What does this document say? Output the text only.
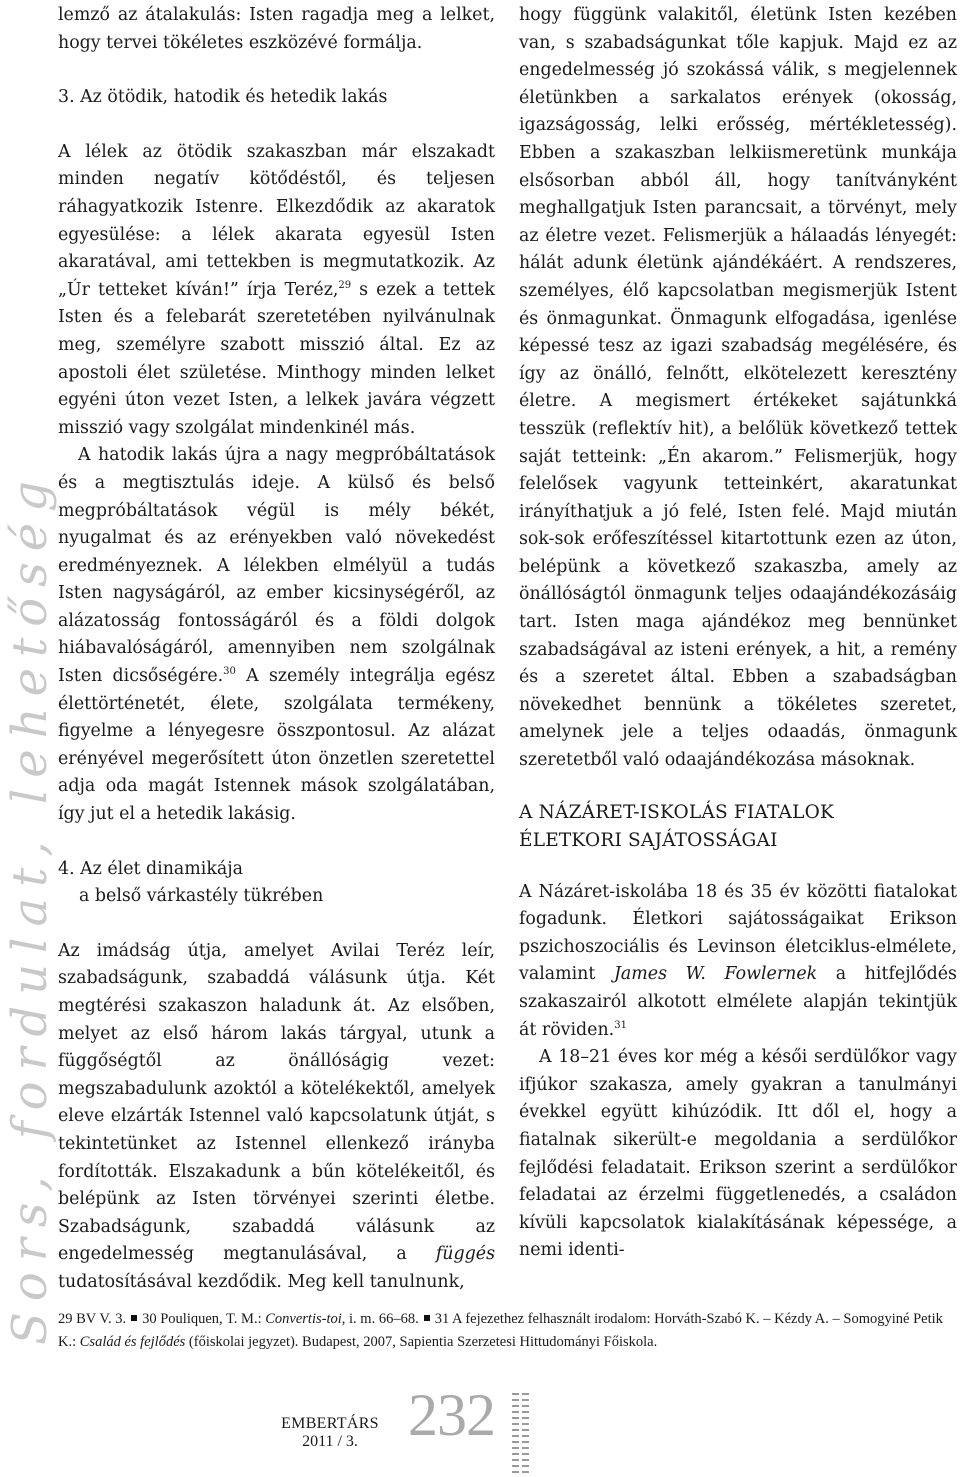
Sors, fordulat, lehetőség

lemző az átalakulás: Isten ragadja meg a lelket, hogy tervei tökéletes eszközévé formálja.

3. Az ötödik, hatodik és hetedik lakás

A lélek az ötödik szakaszban már elszakadt minden negatív kötődéstől, és teljesen ráhagyatkozik Istenre. Elkezdődik az akaratok egyesülése: a lélek akarata egyesül Isten akaratával, ami tettekben is megmutatkozik. Az „Úr tetteket kíván!” írja Teréz,$^{29}$ s ezek a tettek Isten és a felebarát szeretetében nyilvánulnak meg, személyre szabott misszió által. Ez az apostoli élet születése. Minthogy minden lelket egyéni úton vezet Isten, a lelkek javára végzett misszió vagy szolgálat mindenkinél más.

A hatodik lakás újra a nagy megpróbáltatások és a megtisztulás ideje. A külső és belső megpróbáltatások végül is mély békét, nyugalmat és az erényekben való növekedést eredményeznek. A lélekben elmélyül a tudás Isten nagyságáról, az ember kicsinységéről, az alázatosság fontosságáról és a földi dolgok hiábavalóságáról, amennyiben nem szolgálnak Isten dicsőségére.$^{30}$ A személy integrálja egész élettörténetét, élete, szolgálata termékeny, figyelme a lényegesre összpontosul. Az alázat erényével megerősített úton önzetlen szeretettel adja oda magát Istennek mások szolgálatában, így jut el a hetedik lakásig.

4. Az élet dinamikája
a belső várkastély tükrében

Az imádság útja, amelyet Avilai Teréz leír, szabadságunk, szabaddá válásunk útja. Két megtérési szakaszon haladunk át. Az elsőben, melyet az első három lakás tárgyal, utunk a függőségtől az önállóságig vezet: megszabadulunk azoktól a kötelékektől, amelyek eleve elzárták Istennel való kapcsolatunk útját, s tekintetünket az Istennel ellenkező irányba fordították. Elszakadunk a bűn kötelékeitől, és belépünk az Isten törvényei szerinti életbe. Szabadságunk, szabaddá válásunk az engedelmesség megtanulásával, a függés tudatosításával kezdődik. Meg kell tanulnunk,

hogy függünk valakitől, életünk Isten kezében van, s szabadságunkat tőle kapjuk. Majd ez az engedelmesség jó szokássá válik, s megjelennek életünkben a sarkalatos erények (okosság, igazságosság, lelki erősség, mértékletesség). Ebben a szakaszban lelkiismeretünk munkája elsősorban abból áll, hogy tanítványként meghallgatjuk Isten parancsait, a törvényt, mely az életre vezet. Felismerjük a hálaadás lényegét: hálát adunk életünk ajándékáért. A rendszeres, személyes, élő kapcsolatban megismerjük Istent és önmagunkat. Önmagunk elfogadása, igenlése képessé tesz az igazi szabadság megélésére, és így az önálló, felnőtt, elkötelezett keresztény életre. A megismert értékeket sajátunkká tesszük (reflektív hit), a belőlük következő tettek saját tetteink: „Én akarom.” Felismerjük, hogy felelősek vagyunk tetteinkért, akaratunkat irányíthatjuk a jó felé, Isten felé. Majd miután sok-sok erőfeszítéssel kitartottunk ezen az úton, belépünk a következő szakaszba, amely az önállóságtól önmagunk teljes odaajándékozásáig tart. Isten maga ajándékoz meg bennünket szabadságával az isteni erények, a hit, a remény és a szeretet által. Ebben a szabadságban növekedhet bennünk a tökéletes szeretet, amelynek jele a teljes odaadás, önmagunk szeretetből való odaajándékozása másoknak.

A NÁZÁRET-ISKOLÁS FIATALOK
ÉLETKORI SAJÁTOSSÁGAI

A Názáret-iskolába 18 és 35 év közötti fiatalokat fogadunk. Életkori sajátosságaikat Erikson pszichoszociális és Levinson életciklus-elmélete, valamint James W. Fowlernek a hitfejlődés szakaszairól alkotott elmélete alapján tekintjük át röviden.$^{31}$

A 18–21 éves kor még a késői serdülőkor vagy ifjúkor szakasza, amely gyakran a tanulmányi évekkel együtt kihúzódik. Itt dől el, hogy a fiatalnak sikerült-e megoldania a serdülőkor fejlődési feladatait. Erikson szerint a serdülőkor feladatai az érzelmi függetlenedés, a családon kívüli kapcsolatok kialakításának képessége, a nemi identi-

29 BV V. 3. 30 Pouliquen, T. M.: Convertis-toi, i. m. 66–68. 31 A fejezethez felhasznált irodalom: Horváth-Szabó K. – Kézdy A. – Somogyiné Petik K.: Család és fejlődés (főiskolai jegyzet). Budapest, 2007, Sapientia Szerzetesi Hittudományi Főiskola.
EMBERTÁRS
2011 / 3. 232
